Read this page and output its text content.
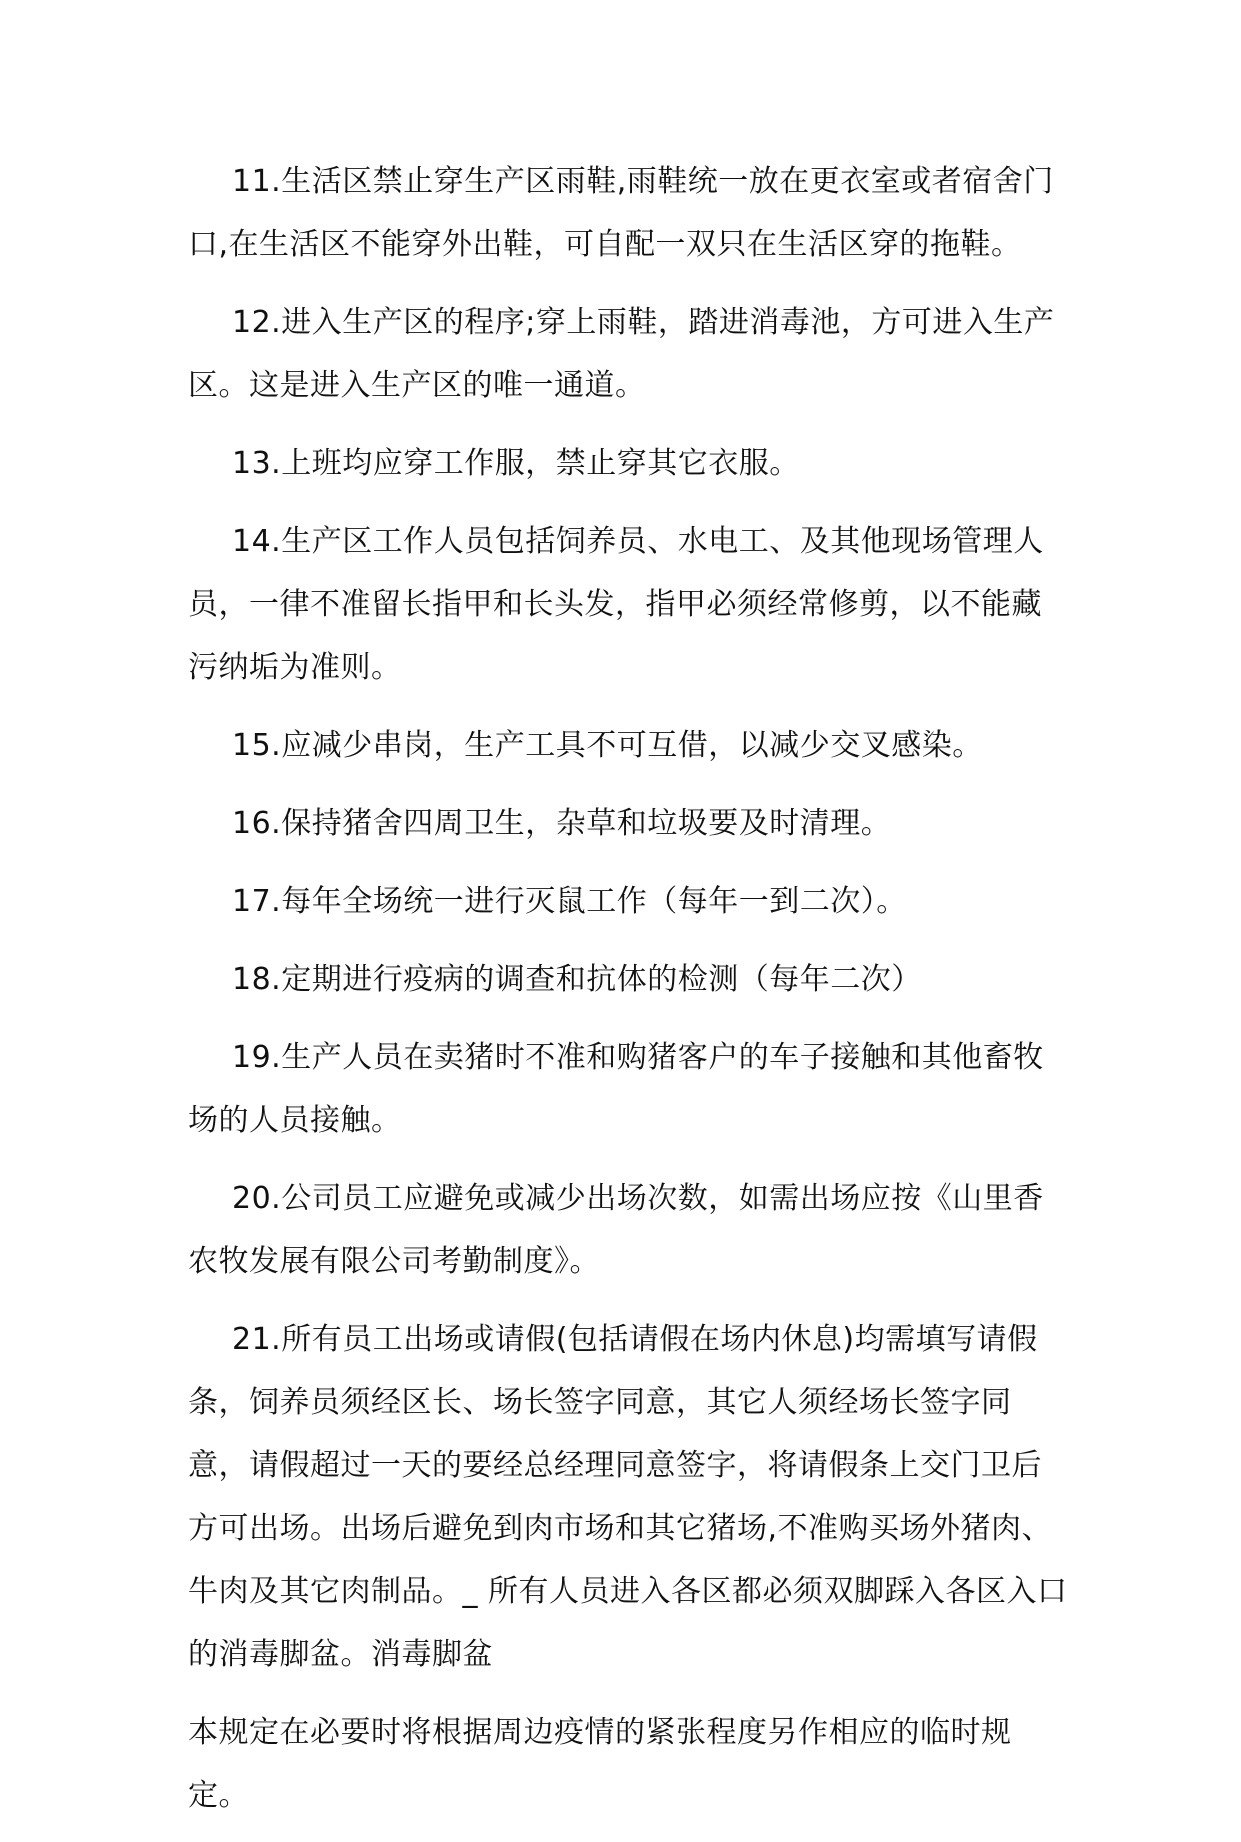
11.生活区禁止穿生产区雨鞋,雨鞋统一放在更衣室或者宿舍门口,在生活区不能穿外出鞋，可自配一双只在生活区穿的拖鞋。

12.进入生产区的程序;穿上雨鞋，踏进消毒池，方可进入生产区。这是进入生产区的唯一通道。

13.上班均应穿工作服，禁止穿其它衣服。

14.生产区工作人员包括饲养员、水电工、及其他现场管理人员，一律不准留长指甲和长头发，指甲必须经常修剪，以不能藏污纳垢为准则。

15.应减少串岗，生产工具不可互借，以减少交叉感染。

16.保持猪舍四周卫生，杂草和垃圾要及时清理。

17.每年全场统一进行灭鼠工作（每年一到二次）。

18.定期进行疫病的调查和抗体的检测（每年二次）

19.生产人员在卖猪时不准和购猪客户的车子接触和其他畜牧场的人员接触。

20.公司员工应避免或减少出场次数，如需出场应按《山里香农牧发展有限公司考勤制度》。

21.所有员工出场或请假(包括请假在场内休息)均需填写请假条，饲养员须经区长、场长签字同意，其它人须经场长签字同意，请假超过一天的要经总经理同意签字，将请假条上交门卫后方可出场。出场后避免到肉市场和其它猪场,不准购买场外猪肉、牛肉及其它肉制品。_ 所有人员进入各区都必须双脚踩入各区入口的消毒脚盆。消毒脚盆

本规定在必要时将根据周边疫情的紧张程度另作相应的临时规定。
